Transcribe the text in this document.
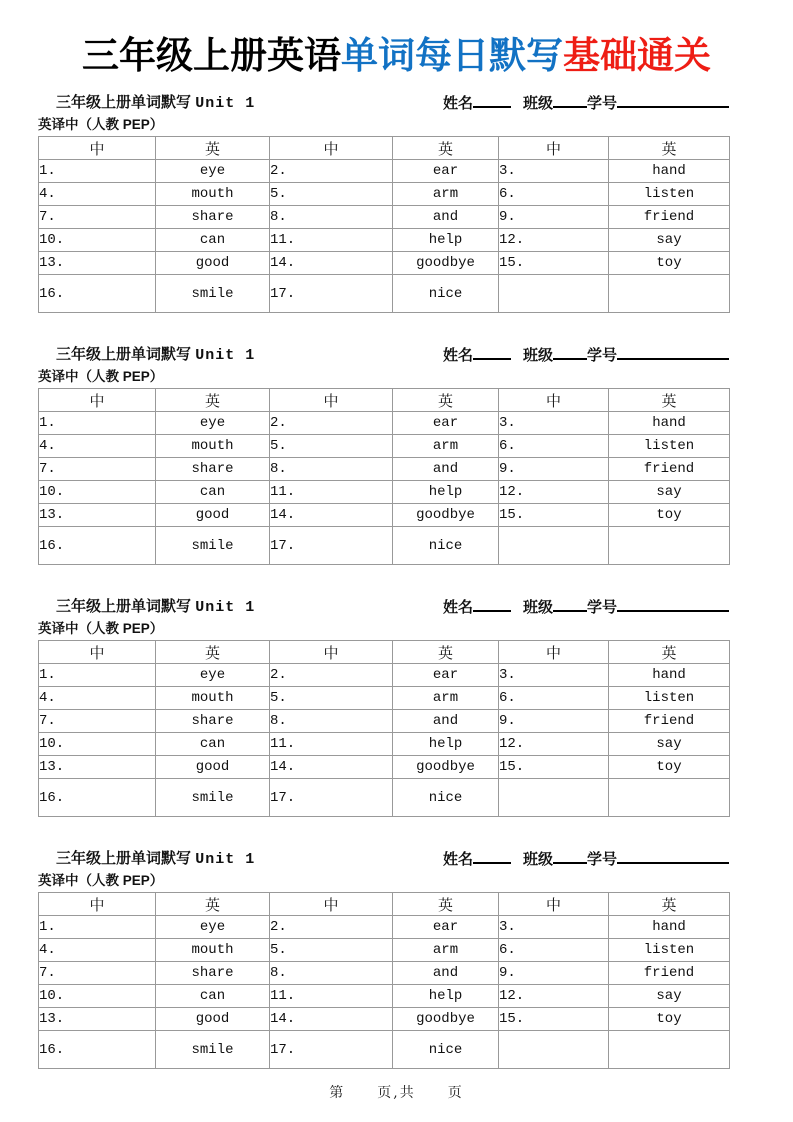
三年级上册英语单词每日默写基础通关
三年级上册单词默写 Unit 1	姓名	班级 学号
英译中（人教 PEP）
中	英	中	英	中	英
1.	eye	2.	ear	3.	hand
4.	mouth	5.	arm	6.	listen
7.	share	8.	and	9.	friend
10.	can	11.	help	12.	say
13.	good	14.	goodbye	15.	toy
16.	smile	17.	nice		
三年级上册单词默写 Unit 1	姓名	班级 学号
英译中（人教 PEP）
中	英	中	英	中	英
1.	eye	2.	ear	3.	hand
4.	mouth	5.	arm	6.	listen
7.	share	8.	and	9.	friend
10.	can	11.	help	12.	say
13.	good	14.	goodbye	15.	toy
16.	smile	17.	nice		
三年级上册单词默写 Unit 1	姓名	班级 学号
英译中（人教 PEP）
中	英	中	英	中	英
1.	eye	2.	ear	3.	hand
4.	mouth	5.	arm	6.	listen
7.	share	8.	and	9.	friend
10.	can	11.	help	12.	say
13.	good	14.	goodbye	15.	toy
16.	smile	17.	nice		
三年级上册单词默写 Unit 1	姓名	班级 学号
英译中（人教 PEP）
中	英	中	英	中	英
1.	eye	2.	ear	3.	hand
4.	mouth	5.	arm	6.	listen
7.	share	8.	and	9.	friend
10.	can	11.	help	12.	say
13.	good	14.	goodbye	15.	toy
16.	smile	17.	nice		
第　　页,共　　页
